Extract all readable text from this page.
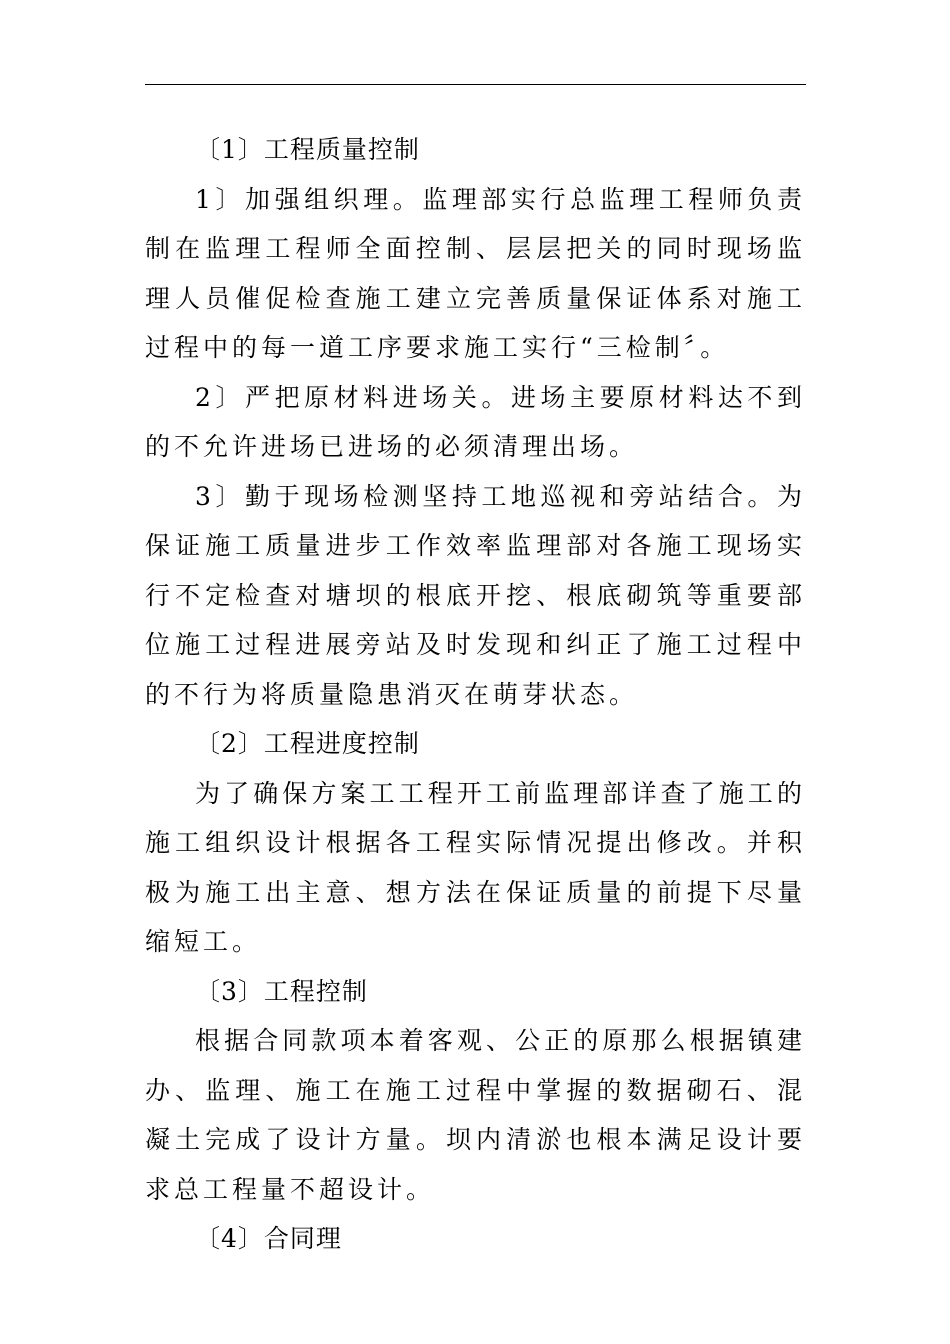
〔1〕工程质量控制

1〕加强组织理。监理部实行总监理工程师负责制在监理工程师全面控制、层层把关的同时现场监理人员催促检查施工建立完善质量保证体系对施工过程中的每一道工序要求施工实行“三检制〞。

2〕严把原材料进场关。进场主要原材料达不到的不允许进场已进场的必须清理出场。

3〕勤于现场检测坚持工地巡视和旁站结合。为保证施工质量进步工作效率监理部对各施工现场实行不定检查对塘坝的根底开挖、根底砌筑等重要部位施工过程进展旁站及时发现和纠正了施工过程中的不行为将质量隐患消灭在萌芽状态。

〔2〕工程进度控制

为了确保方案工工程开工前监理部详查了施工的施工组织设计根据各工程实际情况提出修改。并积极为施工出主意、想方法在保证质量的前提下尽量缩短工。

〔3〕工程控制

根据合同款项本着客观、公正的原那么根据镇建办、监理、施工在施工过程中掌握的数据砌石、混凝土完成了设计方量。坝内清淤也根本满足设计要求总工程量不超设计。

〔4〕合同理
